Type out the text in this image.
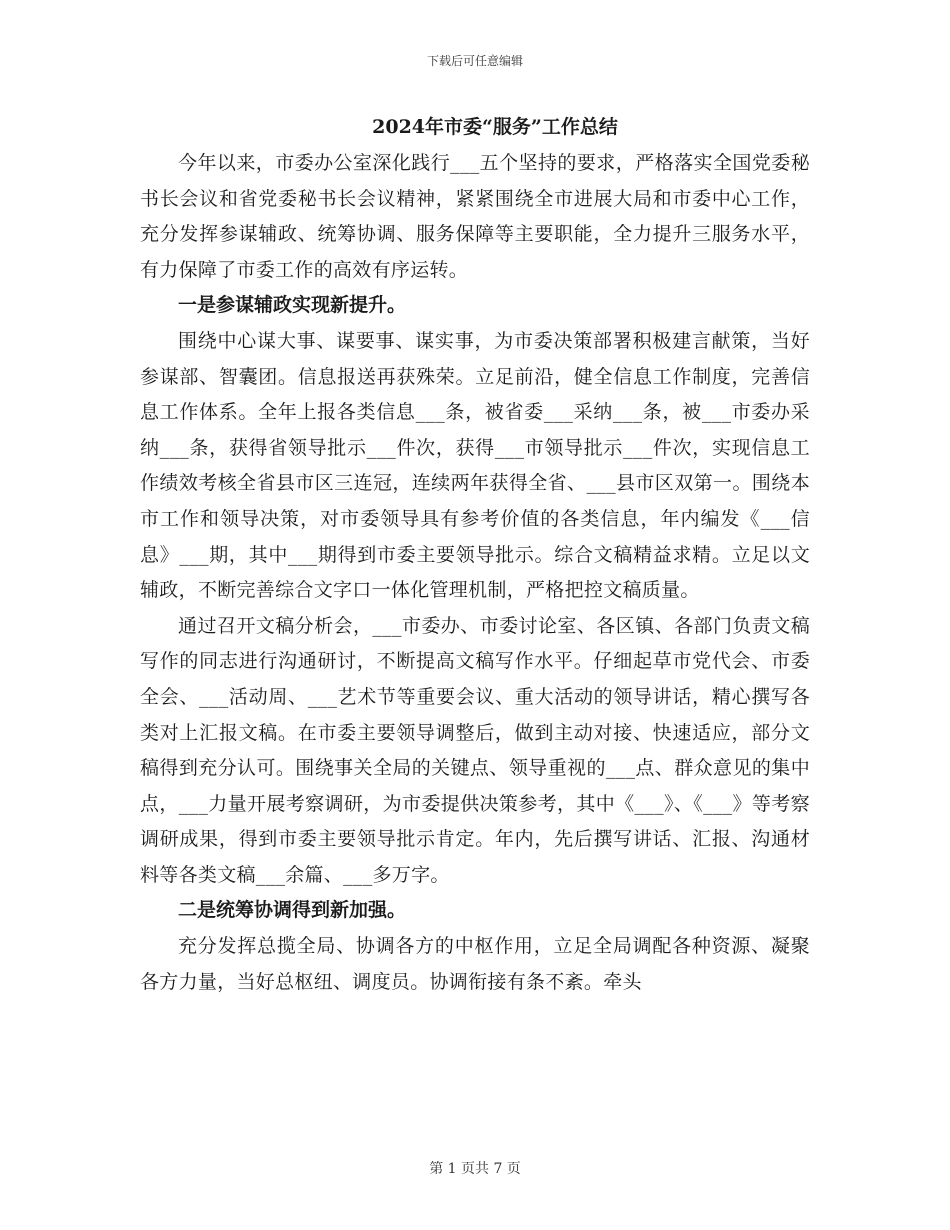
下载后可任意编辑
2024年市委“服务”工作总结

今年以来，市委办公室深化践行___五个坚持的要求，严格落实全国党委秘书长会议和省党委秘书长会议精神，紧紧围绕全市进展大局和市委中心工作，充分发挥参谋辅政、统筹协调、服务保障等主要职能，全力提升三服务水平，有力保障了市委工作的高效有序运转。

一是参谋辅政实现新提升。

围绕中心谋大事、谋要事、谋实事，为市委决策部署积极建言献策，当好参谋部、智囊团。信息报送再获殊荣。立足前沿，健全信息工作制度，完善信息工作体系。全年上报各类信息___条，被省委___采纳___条，被___市委办采纳___条，获得省领导批示___件次，获得___市领导批示___件次，实现信息工作绩效考核全省县市区三连冠，连续两年获得全省、___县市区双第一。围绕本市工作和领导决策，对市委领导具有参考价值的各类信息，年内编发《___信息》___期，其中___期得到市委主要领导批示。综合文稿精益求精。立足以文辅政，不断完善综合文字口一体化管理机制，严格把控文稿质量。

通过召开文稿分析会，___市委办、市委讨论室、各区镇、各部门负责文稿写作的同志进行沟通研讨，不断提高文稿写作水平。仔细起草市党代会、市委全会、___活动周、___艺术节等重要会议、重大活动的领导讲话，精心撰写各类对上汇报文稿。在市委主要领导调整后，做到主动对接、快速适应，部分文稿得到充分认可。围绕事关全局的关键点、领导重视的___点、群众意见的集中点，___力量开展考察调研，为市委提供决策参考，其中《___》、《___》等考察调研成果，得到市委主要领导批示肯定。年内，先后撰写讲话、汇报、沟通材料等各类文稿___余篇、___多万字。

二是统筹协调得到新加强。

充分发挥总揽全局、协调各方的中枢作用，立足全局调配各种资源、凝聚各方力量，当好总枢纽、调度员。协调衔接有条不紊。牵头

第 1 页共 7 页
